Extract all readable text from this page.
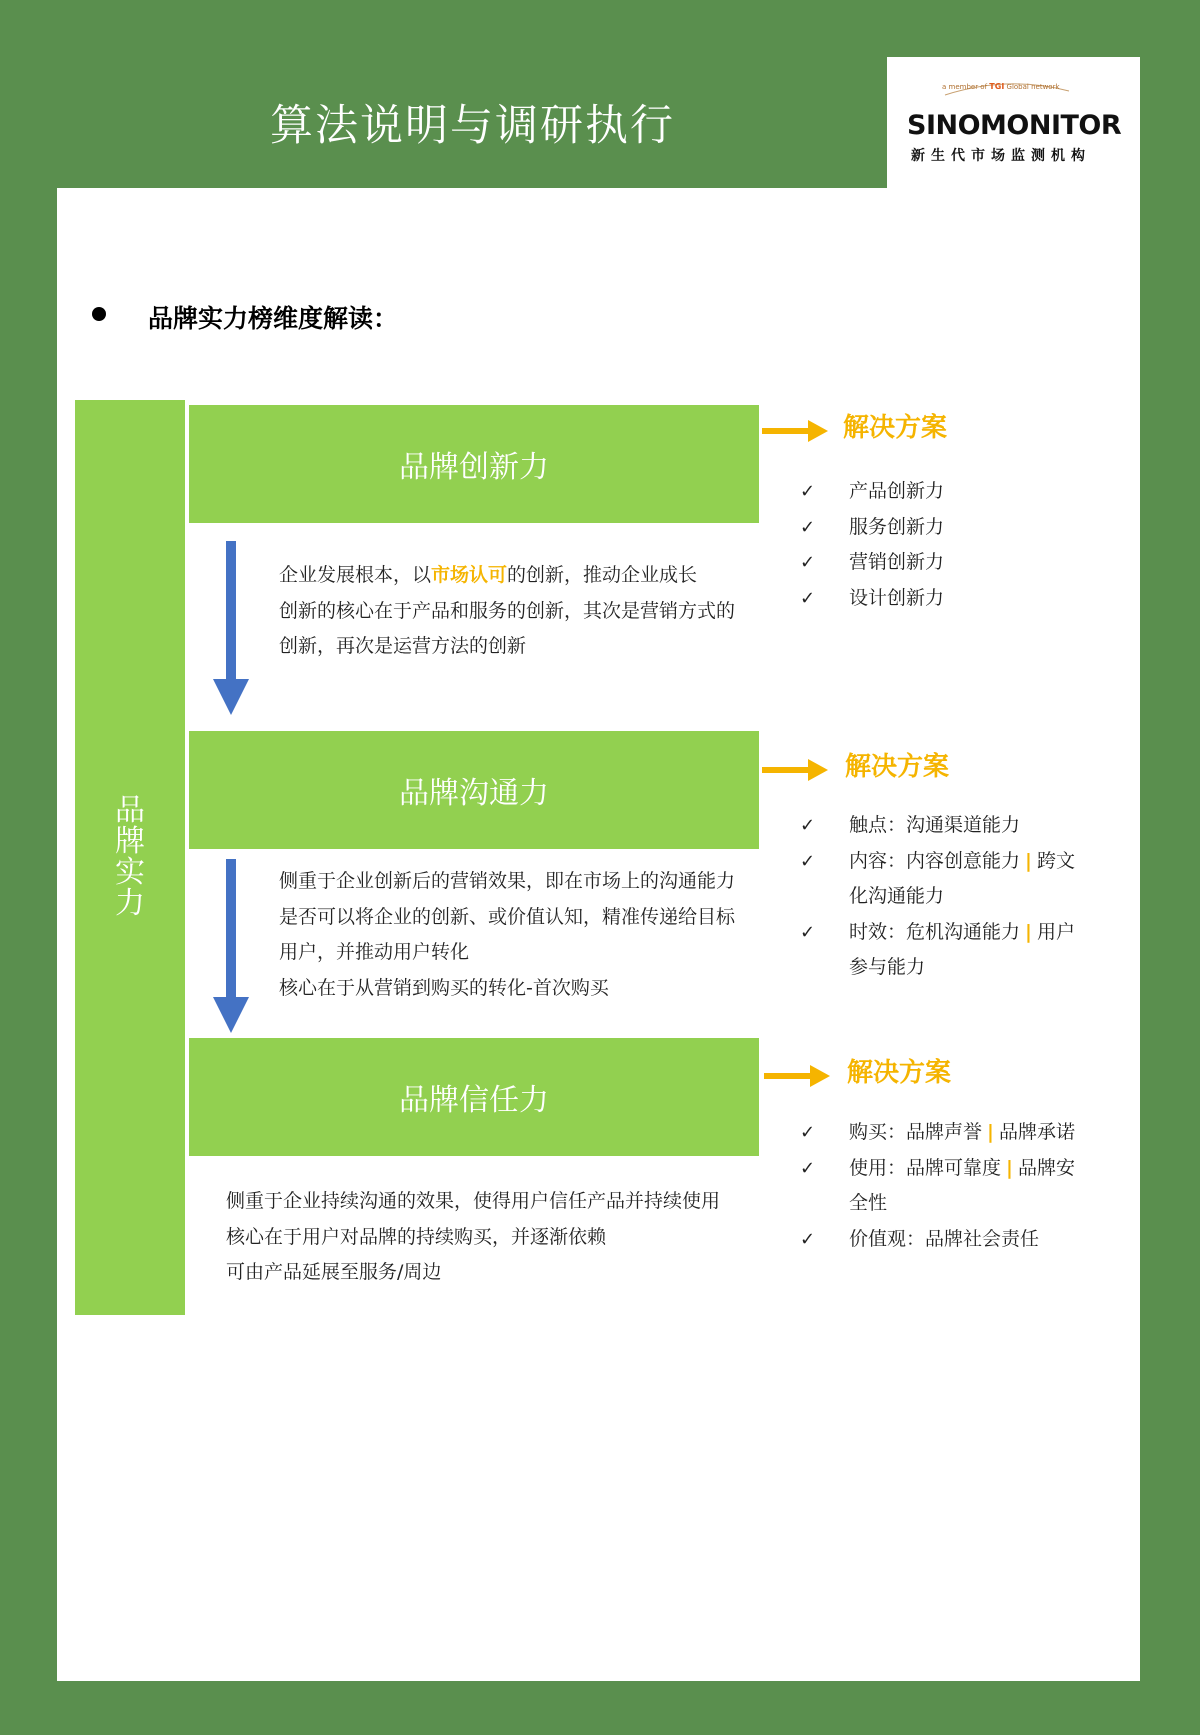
算法说明与调研执行
a member of TGI Global network
SINOMONITOR
新生代市场监测机构
品牌实力榜维度解读：
品牌实力
品牌创新力
企业发展根本，以市场认可的创新，推动企业成长
创新的核心在于产品和服务的创新，其次是营销方式的
创新，再次是运营方法的创新
解决方案
✓ 产品创新力
✓ 服务创新力
✓ 营销创新力
✓ 设计创新力
品牌沟通力
侧重于企业创新后的营销效果，即在市场上的沟通能力
是否可以将企业的创新、或价值认知，精准传递给目标
用户，并推动用户转化
核心在于从营销到购买的转化-首次购买
解决方案
✓ 触点：沟通渠道能力
✓ 内容：内容创意能力 | 跨文
化沟通能力
✓ 时效：危机沟通能力 | 用户
参与能力
品牌信任力
侧重于企业持续沟通的效果，使得用户信任产品并持续使用
核心在于用户对品牌的持续购买，并逐渐依赖
可由产品延展至服务/周边
解决方案
✓ 购买：品牌声誉 | 品牌承诺
✓ 使用：品牌可靠度 | 品牌安
全性
✓ 价值观：品牌社会责任
